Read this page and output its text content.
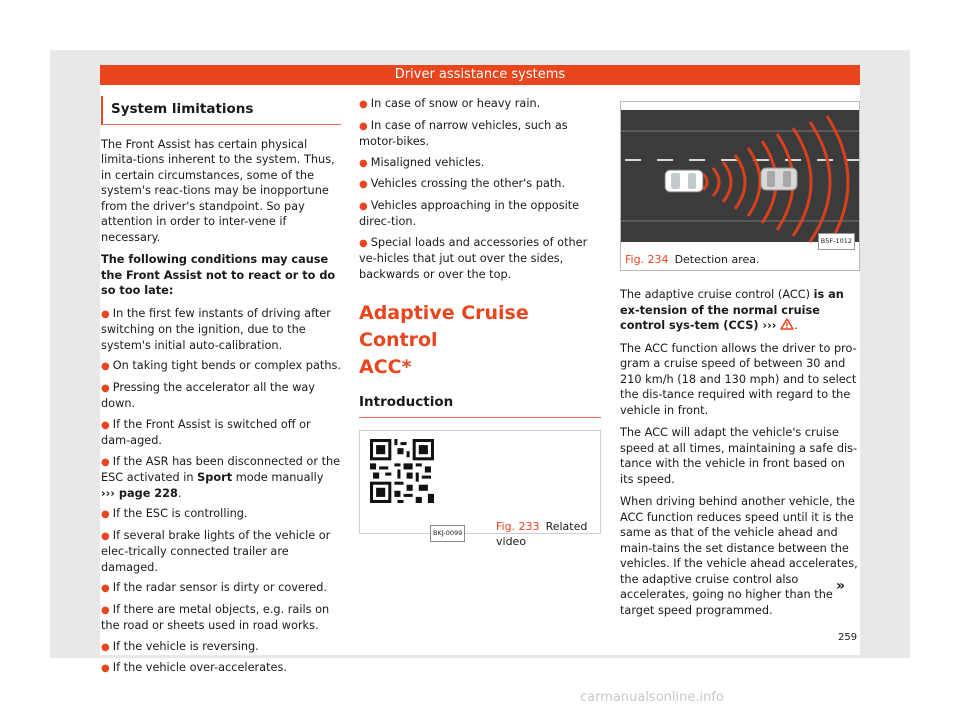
Driver assistance systems
System limitations

The Front Assist has certain physical limita-tions inherent to the system. Thus, in certain circumstances, some of the system's reac-tions may be inopportune from the driver's standpoint. So pay attention in order to inter-vene if necessary.

The following conditions may cause the Front Assist not to react or to do so too late:

● In the first few instants of driving after switching on the ignition, due to the system's initial auto-calibration.
● On taking tight bends or complex paths.
● Pressing the accelerator all the way down.
● If the Front Assist is switched off or dam-aged.
● If the ASR has been disconnected or the ESC activated in Sport mode manually
››› page 228.
● If the ESC is controlling.
● If several brake lights of the vehicle or elec-trically connected trailer are damaged.
● If the radar sensor is dirty or covered.
● If there are metal objects, e.g. rails on the road or sheets used in road works.
● If the vehicle is reversing.
● If the vehicle over-accelerates.
● In case of snow or heavy rain.
● In case of narrow vehicles, such as motor-bikes.
● Misaligned vehicles.
● Vehicles crossing the other's path.
● Vehicles approaching in the opposite direc-tion.
● Special loads and accessories of other ve-hicles that jut out over the sides, backwards or over the top.
Adaptive Cruise Control
ACC*
Introduction
BKJ-0099	Fig. 233 Related video
B5F-1012
Fig. 234 Detection area.

The adaptive cruise control (ACC) is an ex-tension of the normal cruise control sys-tem (CCS) ››› .

The ACC function allows the driver to pro-gram a cruise speed of between 30 and 210 km/h (18 and 130 mph) and to select the dis-tance required with regard to the vehicle in front.

The ACC will adapt the vehicle's cruise speed at all times, maintaining a safe dis-tance with the vehicle in front based on its speed.

When driving behind another vehicle, the ACC function reduces speed until it is the same as that of the vehicle ahead and main-tains the set distance between the vehicles. If the vehicle ahead accelerates, the adaptive cruise control also accelerates, going no higher than the target speed programmed.

»
259
carmanualsonline.info
